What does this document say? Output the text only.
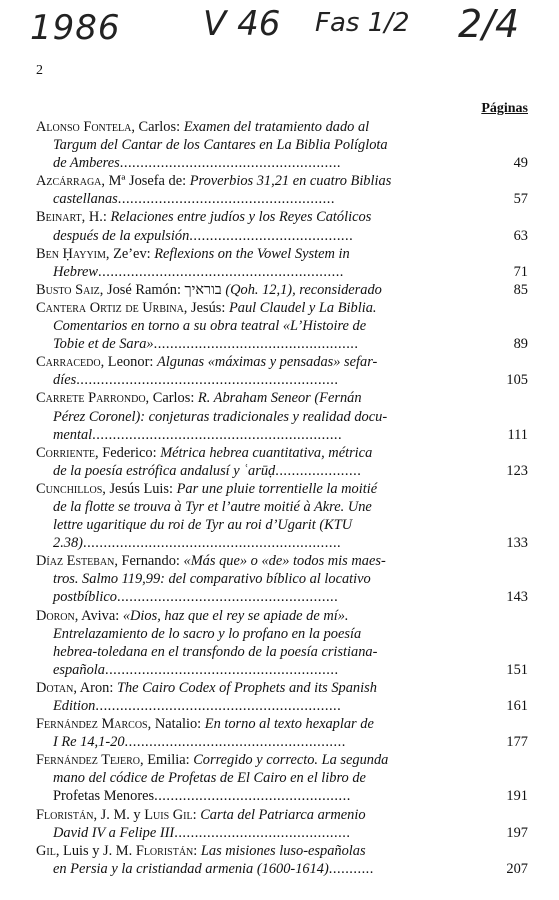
1986 V 46 Fas 1/2 2/4
2
Páginas
Alonso Fontela, Carlos: Examen del tratamiento dado al
Targum del Cantar de los Cantares en La Biblia Políglota
de Amberes......................................................	49
Azcárraga, Mª Josefa de: Proverbios 31,21 en cuatro Biblias
castellanas.....................................................	57
Beinart, H.: Relaciones entre judíos y los Reyes Católicos
después de la expulsión........................................	63
Ben Ḥayyim, Ze’ev: Reflexions on the Vowel System in
Hebrew............................................................	71
Busto Saiz, José Ramón: בוראיך (Qoh. 12,1), reconsiderado	85
Cantera Ortiz de Urbina, Jesús: Paul Claudel y La Biblia.
Comentarios en torno a su obra teatral «L’Histoire de
Tobie et de Sara»..................................................	89
Carracedo, Leonor: Algunas «máximas y pensadas» sefar-
díes................................................................	105
Carrete Parrondo, Carlos: R. Abraham Seneor (Fernán
Pérez Coronel): conjeturas tradicionales y realidad docu-
mental.............................................................	111
Corriente, Federico: Métrica hebrea cuantitativa, métrica
de la poesía estrófica andalusí y ʿarūḍ.....................	123
Cunchillos, Jesús Luis: Par une pluie torrentielle la moitié
de la flotte se trouva à Tyr et l’autre moitié à Akre. Une
lettre ugaritique du roi de Tyr au roi d’Ugarit (KTU
2.38)...............................................................	133
Díaz Esteban, Fernando: «Más que» o «de» todos mis maes-
tros. Salmo 119,99: del comparativo bíblico al locativo
postbíblico......................................................	143
Doron, Aviva: «Dios, haz que el rey se apiade de mí».
Entrelazamiento de lo sacro y lo profano en la poesía
hebrea-toledana en el transfondo de la poesía cristiana-
española.........................................................	151
Dotan, Aron: The Cairo Codex of Prophets and its Spanish
Edition............................................................	161
Fernández Marcos, Natalio: En torno al texto hexaplar de
I Re 14,1-20......................................................	177
Fernández Tejero, Emilia: Corregido y correcto. La segunda
mano del códice de Profetas de El Cairo en el libro de
Profetas Menores................................................	191
Floristán, J. M. y Luis Gil: Carta del Patriarca armenio
David IV a Felipe III...........................................	197
Gil, Luis y J. M. Floristán: Las misiones luso-españolas
en Persia y la cristiandad armenia (1600-1614)...........	207
